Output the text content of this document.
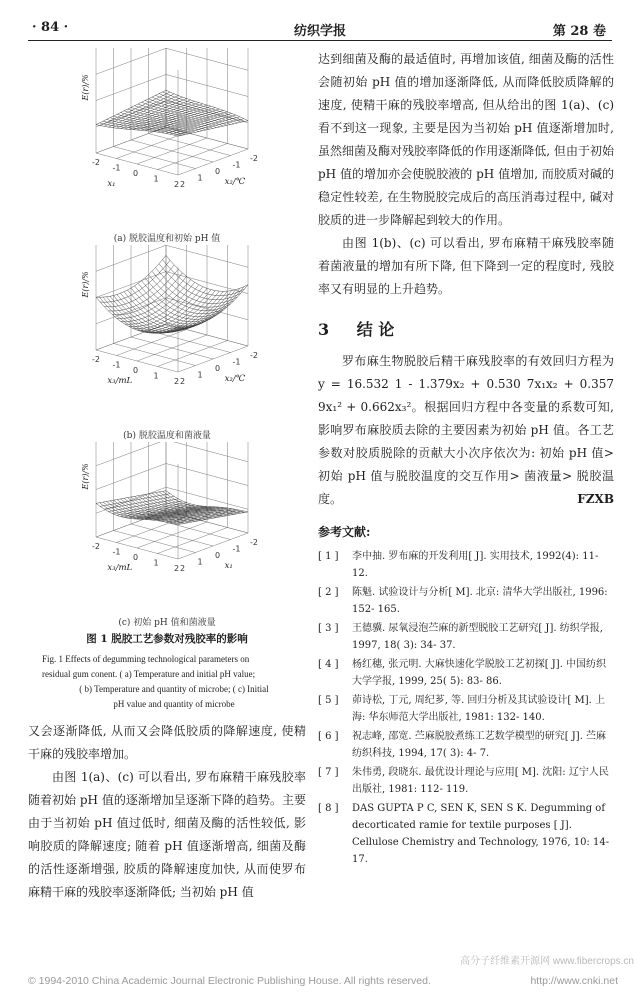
· 84 ·	纺织学报	第 28 卷
2 2
1	1
0	0
-1	-1
-2	-2
x₁	x₂/℃
E(r)/%

(a) 脱胶温度和初始 pH 值

2 2
1	1
0	0
-1	-1
-2	-2
x₃/mL	x₂/℃
E(r)/%

(b) 脱胶温度和菌液量

2 2
1	1
0	0
-1	-1
-2	-2
x₃/mL	x₁
E(r)/%

(c) 初始 pH 值和菌液量

图 1 脱胶工艺参数对残胶率的影响

Fig. 1 Effects of degumming technological parameters on
residual gum conent. ( a) Temperature and initial pH value;
( b) Temperature and quantity of microbe; ( c) Initial
pH value and quantity of microbe

又会逐渐降低, 从而又会降低胶质的降解速度, 使精干麻的残胶率增加。

由图 1(a)、(c) 可以看出, 罗布麻精干麻残胶率随着初始 pH 值的逐渐增加呈逐渐下降的趋势。主要由于当初始 pH 值过低时, 细菌及酶的活性较低, 影响胶质的降解速度; 随着 pH 值逐渐增高, 细菌及酶的活性逐渐增强, 胶质的降解速度加快, 从而使罗布麻精干麻的残胶率逐渐降低; 当初始 pH 值

达到细菌及酶的最适值时, 再增加该值, 细菌及酶的活性会随初始 pH 值的增加逐渐降低, 从而降低胶质降解的速度, 使精干麻的残胶率增高, 但从给出的图 1(a)、(c) 看不到这一现象, 主要是因为当初始 pH 值逐渐增加时, 虽然细菌及酶对残胶率降低的作用逐渐降低, 但由于初始 pH 值的增加亦会使脱胶液的 pH 值增加, 而胶质对碱的稳定性较差, 在生物脱胶完成后的高压消毒过程中, 碱对胶质的进一步降解起到较大的作用。

由图 1(b)、(c) 可以看出, 罗布麻精干麻残胶率随着菌液量的增加有所下降, 但下降到一定的程度时, 残胶率又有明显的上升趋势。

3 结 论

罗布麻生物脱胶后精干麻残胶率的有效回归方程为 y = 16.532 1 - 1.379x₂ + 0.530 7x₁x₂ + 0.357 9x₁² + 0.662x₃²。根据回归方程中各变量的系数可知, 影响罗布麻胶质去除的主要因素为初始 pH 值。各工艺参数对胶质脱除的贡献大小次序依次为: 初始 pH 值> 初始 pH 值与脱胶温度的交互作用> 菌液量> 脱胶温度。	FZXB
参考文献:
[ 1 ] 李中抽. 罗布麻的开发利用[ J]. 实用技术, 1992(4): 11- 12.
[ 2 ] 陈魁. 试验设计与分析[ M]. 北京: 清华大学出版社, 1996: 152- 165.
[ 3 ] 王德骥. 尿氧浸泡苎麻的新型脱胶工艺研究[ J]. 纺织学报, 1997, 18( 3): 34- 37.
[ 4 ] 杨红穗, 张元明. 大麻快速化学脱胶工艺初探[ J]. 中国纺织大学学报, 1999, 25( 5): 83- 86.
[ 5 ] 茆诗松, 丁元, 周纪芗, 等. 回归分析及其试验设计[ M]. 上海: 华东师范大学出版社, 1981: 132- 140.
[ 6 ] 祝志峰, 邵宽. 苎麻脱胶煮练工艺数学模型的研究[ J]. 苎麻纺织科技, 1994, 17( 3): 4- 7.
[ 7 ] 朱伟勇, 段晓东. 最优设计理论与应用[ M]. 沈阳: 辽宁人民出版社, 1981: 112- 119.
[ 8 ] DAS GUPTA P C, SEN K, SEN S K. Degumming of decorticated ramie for textile purposes [ J]. Cellulose Chemistry and Technology, 1976, 10: 14- 17.
高分子纤维素开源网 www.fibercrops.cn
© 1994-2010 China Academic Journal Electronic Publishing House. All rights reserved.	http://www.cnki.net
